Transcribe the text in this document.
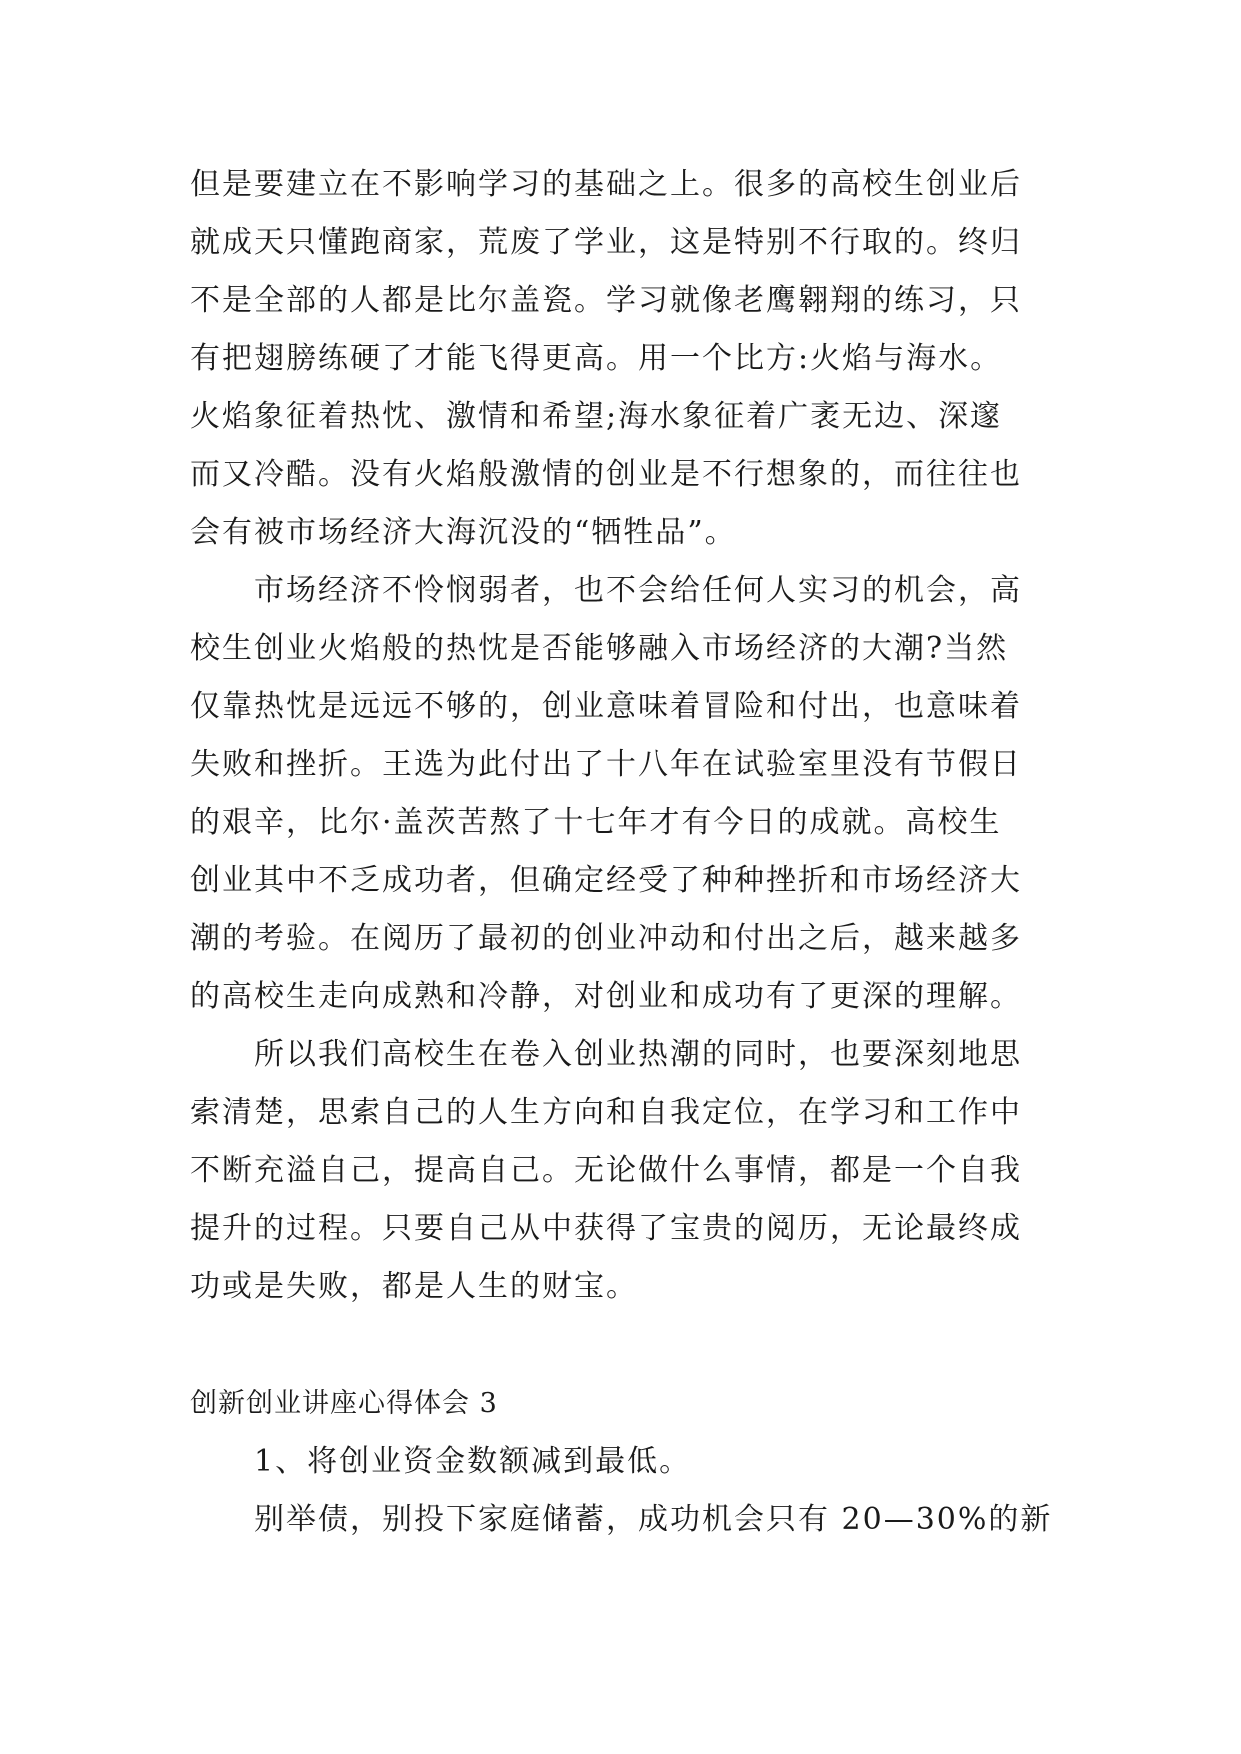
但是要建立在不影响学习的基础之上。很多的高校生创业后
就成天只懂跑商家，荒废了学业，这是特别不行取的。终归
不是全部的人都是比尔盖瓷。学习就像老鹰翱翔的练习，只
有把翅膀练硬了才能飞得更高。用一个比方:火焰与海水。
火焰象征着热忱、激情和希望;海水象征着广袤无边、深邃
而又冷酷。没有火焰般激情的创业是不行想象的，而往往也
会有被市场经济大海沉没的“牺牲品”。
市场经济不怜悯弱者，也不会给任何人实习的机会，高
校生创业火焰般的热忱是否能够融入市场经济的大潮?当然
仅靠热忱是远远不够的，创业意味着冒险和付出，也意味着
失败和挫折。王选为此付出了十八年在试验室里没有节假日
的艰辛，比尔·盖茨苦熬了十七年才有今日的成就。高校生
创业其中不乏成功者，但确定经受了种种挫折和市场经济大
潮的考验。在阅历了最初的创业冲动和付出之后，越来越多
的高校生走向成熟和冷静，对创业和成功有了更深的理解。
所以我们高校生在卷入创业热潮的同时，也要深刻地思
索清楚，思索自己的人生方向和自我定位，在学习和工作中
不断充溢自己，提高自己。无论做什么事情，都是一个自我
提升的过程。只要自己从中获得了宝贵的阅历，无论最终成
功或是失败，都是人生的财宝。
创新创业讲座心得体会 3
1、将创业资金数额减到最低。
别举债，别投下家庭储蓄，成功机会只有 20—30%的新
